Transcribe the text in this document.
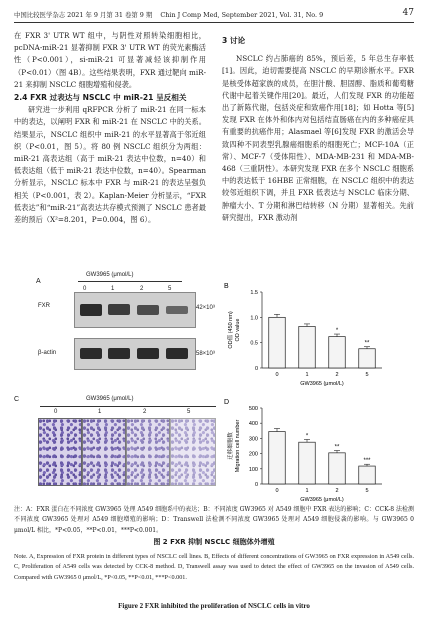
中国比较医学杂志 2021 年 9 月第 31 卷第 9 期 Chin J Comp Med, September 2021, Vol. 31, No. 9	47

在 FXR 3' UTR WT 组中，与阴性对照转染细胞相比，pcDNA-miR-21 显著抑制 FXR 3' UTR WT 的荧光素酶活性（P<0.001），si-miR-21 可显著减轻该抑制作用（P<0.01）（图 4B）。这些结果表明，FXR 通过靶向 miR-21 来抑制 NSCLC 细胞增殖和侵袭。

2.4 FXR 过表达与 NSCLC 中 miR-21 呈反相关

研究进一步利用 qRFPCR 分析了 miR-21 在同一标本中的表达，以阐明 FXR 和 miR-21 在 NSCLC 中的关系。结果显示，NSCLC 组织中 miR-21 的水平显著高于邻近组织（P<0.01，图 5）。将 80 例 NSCLC 组织分为两组：miR-21 高表达组（高于 miR-21 表达中位数，n=40）和低表达组（低于 miR-21 表达中位数，n=40）。Spearman 分析显示，NSCLC 标本中 FXR 与 miR-21 的表达呈强负相关（P<0.001，表 2）。Kaplan-Meier 分析显示，“FXR 低表达”和“miR-21”高表达共存模式预测了 NSCLC 患者最差的预后（X²=8.201，P=0.004，图 6）。

3 讨论

NSCLC 约占肺癌的 85%，预后差，5 年总生存率低[1]。因此，迫切需要提高 NSCLC 的早期诊断水平。FXR 是核受体超家族的成员，在胆汁酸、胆固醇、脂质和葡萄糖代谢中起着关键作用[20]。最近，人们发现 FXR 的功能超出了新陈代谢，包括炎症和致癌作用[18]；如 Hotta 等[5]发现 FXR 在体外和体内对包括结直肠癌在内的多种癌症具有重要的抗癌作用；Alasmael 等[6]发现 FXR 的激活会导致四种不同表型乳腺癌细胞系的细胞死亡；MCF-10A（正常）、MCF-7（受体阳性）、MDA-MB-231 和 MDA-MB-468（三重阴性）。本研究发现 FXR 在多个 NSCLC 细胞系中的表达低于 16HBE 正常细胞，在 NSCLC 组织中的表达较邻近组织下调，并且 FXR 低表达与 NSCLC 临床分期、肿瘤大小、T 分期和淋巴结转移（N 分期）显著相关。先前研究提出，FXR 激动剂

A
GW3965 (μmol/L)
0	1	2	5
FXR	42×10³
β-actin	58×10³
B
OD值 (450 nm) OD value
0
0.5
1.0
1.5
0	1	2
*
5
**
GW3965 (μmol/L)
C	GW3965 (μmol/L)
0	1	2	5
D
迁移细胞数 Migration cell number
0
100
200
300
400
500
0	1
*
2
**
5
***
GW3965 (μmol/L)
注：A：FXR 蛋白在不同浓度 GW3965 处理 A549 细胞系中的表达；B：不同浓度 GW3965 对 A549 细胞中 FXR 表达的影响；C：CCK-8 法检测不同浓度 GW3965 处理对 A549 细胞增殖的影响；D：Transwell 法检测不同浓度 GW3965 处理对 A549 细胞侵袭的影响。与 GW3965 0 μmol/L 相比，*P<0.05，**P<0.01，***P<0.001。
图 2 FXR 抑制 NSCLC 细胞体外增殖
Note. A, Expression of FXR protein in different types of NSCLC cell lines. B, Effects of different concentrations of GW3965 on FXR expression in A549 cells. C, Proliferation of A549 cells was detected by CCK-8 method. D, Transwell assay was used to detect the effect of GW3965 on the invasion of A549 cells. Compared with GW3965 0 μmol/L, *P<0.05, **P<0.01, ***P<0.001.
Figure 2 FXR inhibited the proliferation of NSCLC cells in vitro
